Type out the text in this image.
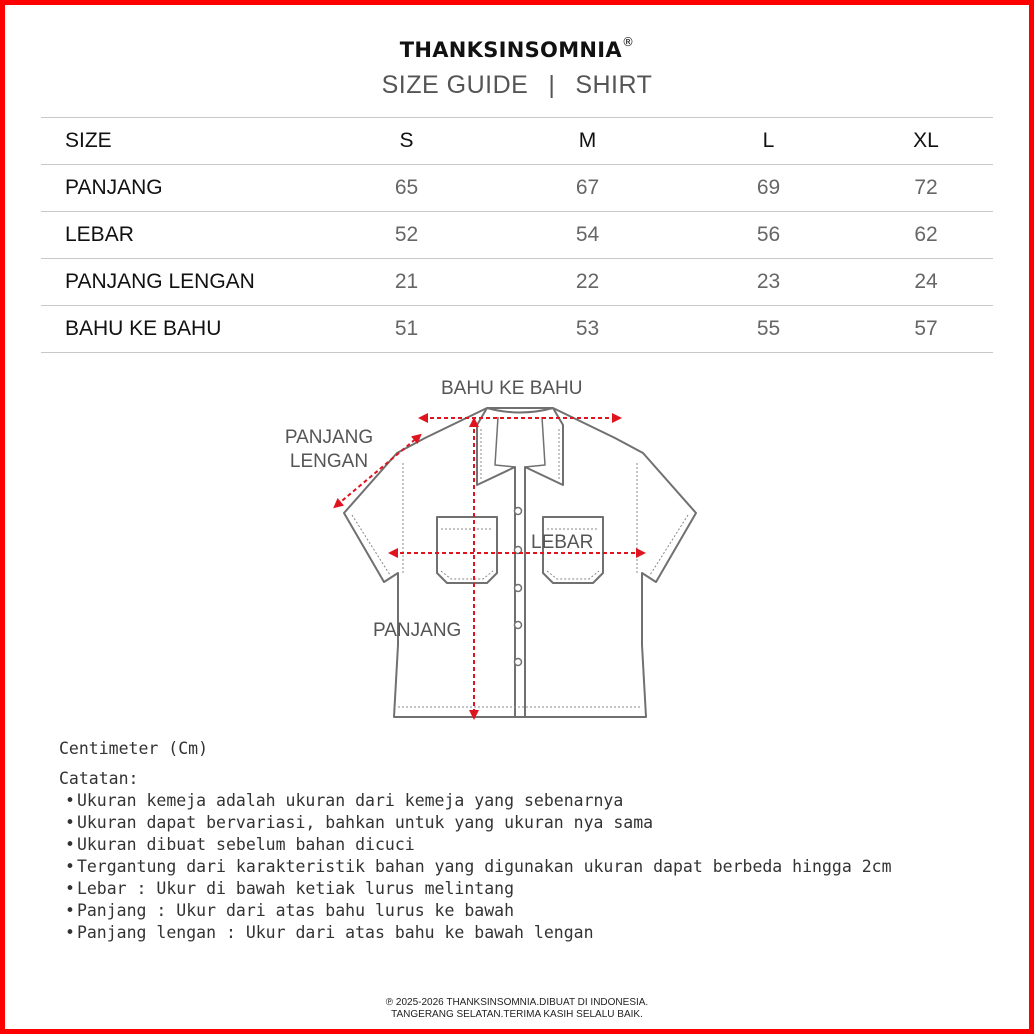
THANKSINSOMNIA®
SIZE GUIDE | SHIRT
SIZE	S	M	L	XL
PANJANG	65	67	69	72
LEBAR	52	54	56	62
PANJANG LENGAN	21	22	23	24
BAHU KE BAHU	51	53	55	57
BAHU KE BAHU
PANJANG
LENGAN
LEBAR
PANJANG
Centimeter (Cm)
Catatan:
• Ukuran kemeja adalah ukuran dari kemeja yang sebenarnya
• Ukuran dapat bervariasi, bahkan untuk yang ukuran nya sama
• Ukuran dibuat sebelum bahan dicuci
• Tergantung dari karakteristik bahan yang digunakan ukuran dapat berbeda hingga 2cm
• Lebar : Ukur di bawah ketiak lurus melintang
• Panjang : Ukur dari atas bahu lurus ke bawah
• Panjang lengan : Ukur dari atas bahu ke bawah lengan
℗ 2025-2026 THANKSINSOMNIA.DIBUAT DI INDONESIA.
TANGERANG SELATAN.TERIMA KASIH SELALU BAIK.
